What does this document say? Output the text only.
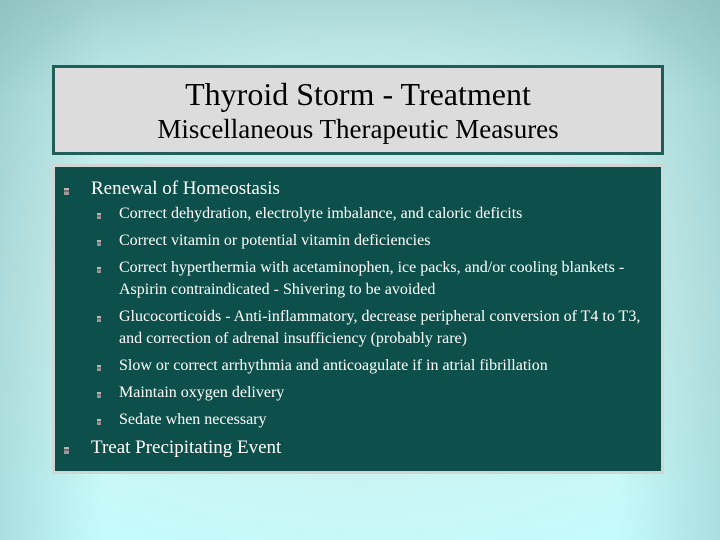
Thyroid Storm - Treatment
Miscellaneous Therapeutic Measures
Renewal of Homeostasis
Correct dehydration, electrolyte imbalance, and caloric deficits
Correct vitamin or potential vitamin deficiencies
Correct hyperthermia with acetaminophen, ice packs, and/or cooling blankets - Aspirin contraindicated - Shivering to be avoided
Glucocorticoids - Anti-inflammatory, decrease peripheral conversion of T4 to T3, and correction of adrenal insufficiency (probably rare)
Slow or correct arrhythmia and anticoagulate if in atrial fibrillation
Maintain oxygen delivery
Sedate when necessary
Treat Precipitating Event
